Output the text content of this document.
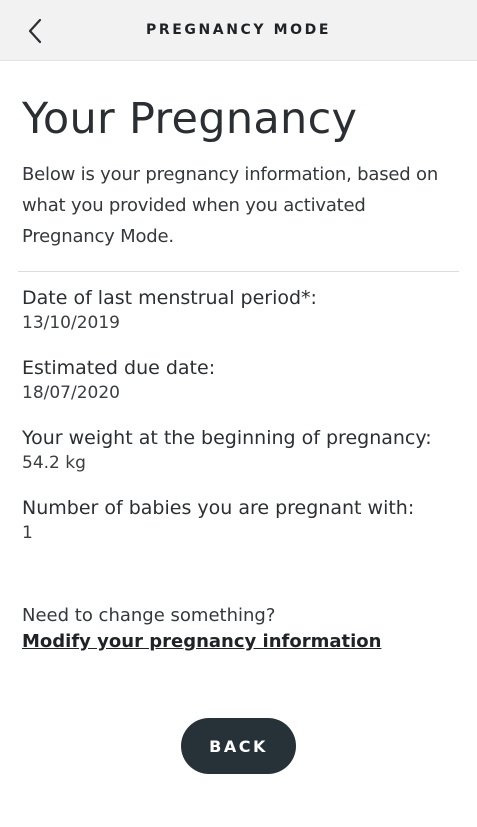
PREGNANCY MODE
Your Pregnancy
Below is your pregnancy information, based on what you provided when you activated Pregnancy Mode.
Date of last menstrual period*:
13/10/2019
Estimated due date:
18/07/2020
Your weight at the beginning of pregnancy:
54.2 kg
Number of babies you are pregnant with:
1
Need to change something?
Modify your pregnancy information
BACK
